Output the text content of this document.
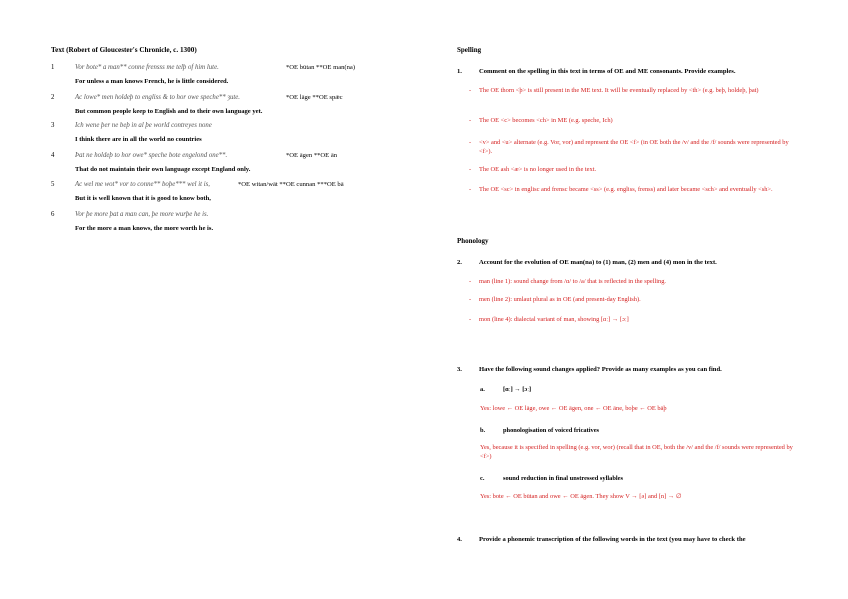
Text (Robert of Gloucester's Chronicle, c. 1300)
1	Vor bote* a man** conne frensss me telþ of him lute.	*OE būtan **OE man(na)
For unless a man knows French, he is little considered.
2	Ac lowe* men holdeþ to engliss & to hor owe speche** ȝute.	*OE lāge **OE spǣc
But common people keep to English and to their own language yet.
3	Ich wene þer ne beþ in al þe world contreyes none
I think there are in all the world no countries
4	Þat ne holdeþ to hor owe* speche bote engelond one**.	*OE āgen **OE ān
That do not maintain their own language except England only.
5	Ac wel me wot* vor to conne** boþe*** wel it is,	*OE witan/wāt **OE cunnan ***OE bā
But it is well known that it is good to know both,
6	Vor þe more þat a man can, þe more wurþe he is.
For the more a man knows, the more worth he is.
Spelling
1.	Comment on the spelling in this text in terms of OE and ME consonants. Provide examples.
- The OE thorn <þ> is still present in the ME text. It will be eventually replaced by <th> (e.g. beþ, holdeþ, þat)
- The OE <c> becomes <ch> in ME (e.g. speche, Ich)
- <v> and <u> alternate (e.g. Vor, vor) and represent the OE <f> (in OE both the /v/ and the /f/ sounds were represented by <f>).
- The OE ash <æ> is no longer used in the text.
- The OE <sc> in englisc and frensc became <ss> (e.g. engliss, frenss) and later became <sch> and eventually <sh>.
Phonology
2.	Account for the evolution of OE man(na) to (1) man, (2) men and (4) mon in the text.
- man (line 1): sound change from /ɑ/ to /a/ that is reflected in the spelling.
- men (line 2): umlaut plural as in OE (and present-day English).
- mon (line 4): dialectal variant of man, showing [ɑː] → [ɔː]
3.	Have the following sound changes applied? Provide as many examples as you can find.
a.	[ɑː] → [ɔː]
Yes: lowe ← OE lāge, owe ← OE āgen, one ← OE āne, boþe ← OE bāþ
b.	phonologisation of voiced fricatives
Yes, because it is specified in spelling (e.g. vor, wor) (recall that in OE, both the /v/ and the /f/ sounds were represented by <f>)
c.	sound reduction in final unstressed syllables
Yes: bote ← OE būtan and owe ← OE āgen. They show V → [ə] and [n] → ∅
4.	Provide a phonemic transcription of the following words in the text (you may have to check the
